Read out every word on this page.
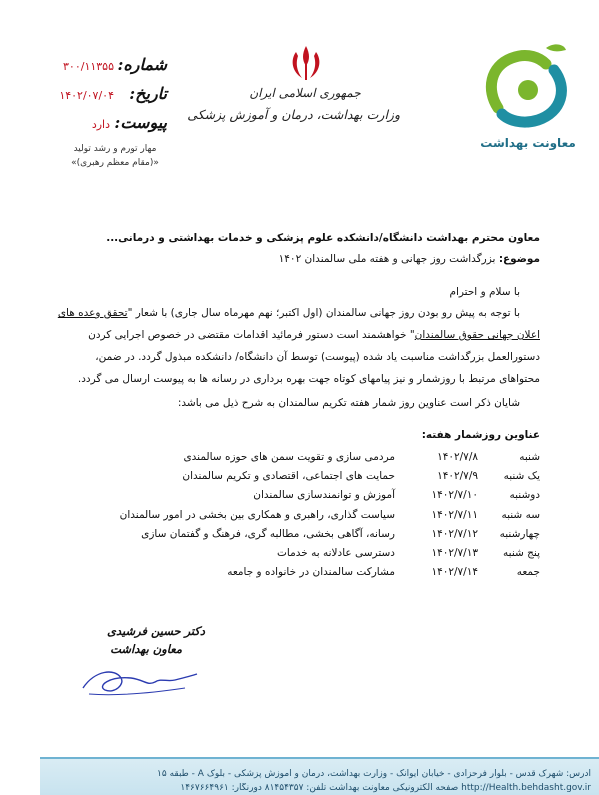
معاونت بهداشت
جمهوری اسلامی ایران
وزارت بهداشت، درمان و آموزش پزشکی
شماره:
۳۰۰/۱۱۳۵۵
تاریخ:
۱۴۰۲/۰۷/۰۴
پیوست:
دارد
مهار تورم و رشد تولید
«(مقام معظم رهبری)»
معاون محترم بهداشت دانشگاه/دانشکده علوم پزشکی و خدمات بهداشتی و درمانی...
موضوع: بزرگداشت روز جهانی و هفته ملی سالمندان ۱۴۰۲
با سلام و احترام
با توجه به پیش رو بودن روز جهانی سالمندان (اول اکتبر؛ نهم مهرماه سال جاری) با شعار "تحقق وعده های
اعلان جهانی حقوق سالمندان" خواهشمند است دستور فرمائید اقدامات مقتضی در خصوص اجرایی کردن
دستورالعمل بزرگداشت مناسبت یاد شده (پیوست) توسط آن دانشگاه/ دانشکده مبذول گردد. در ضمن،
محتواهای مرتبط با روزشمار و نیز پیامهای کوتاه جهت بهره برداری در رسانه ها به پیوست ارسال می گردد.
شایان ذکر است عناوین روز شمار هفته تکریم سالمندان به شرح ذیل می باشد:
عناوین روزشمار هفته:
شنبه
۱۴۰۲/۷/۸
مردمی سازی و تقویت سمن های حوزه سالمندی
یک شنبه
۱۴۰۲/۷/۹
حمایت های اجتماعی، اقتصادی و تکریم سالمندان
دوشنبه
۱۴۰۲/۷/۱۰
آموزش و توانمندسازی سالمندان
سه شنبه
۱۴۰۲/۷/۱۱
سیاست گذاری، راهبری و همکاری بین بخشی در امور سالمندان
چهارشنبه
۱۴۰۲/۷/۱۲
رسانه، آگاهی بخشی، مطالبه گری، فرهنگ و گفتمان سازی
پنج شنبه
۱۴۰۲/۷/۱۳
دسترسی عادلانه به خدمات
جمعه
۱۴۰۲/۷/۱۴
مشارکت سالمندان در خانواده و جامعه
دکتر حسین فرشیدی
معاون بهداشت
آدرس: شهرک قدس - بلوار فرحزادی - خیابان ایوانک - وزارت بهداشت، درمان و آموزش پزشکی - بلوک A - طبقه ۱۵
http://Health.behdasht.gov.ir صفحه الکترونیکی معاونت بهداشت تلفن: ۸۱۴۵۴۳۵۷ دورنگار: ۱۴۶۷۶۶۴۹۶۱
